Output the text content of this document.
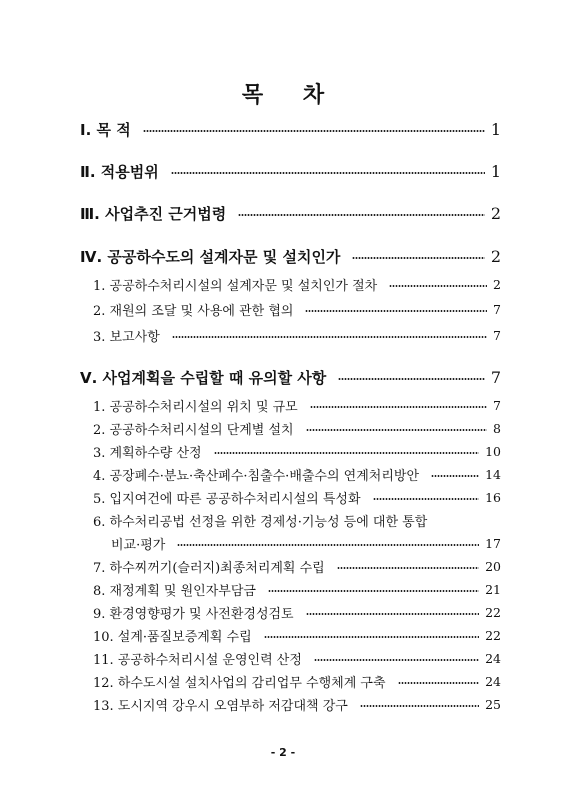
목 차
Ⅰ. 목 적	1
Ⅱ. 적용범위	1
Ⅲ. 사업추진 근거법령	2
Ⅳ. 공공하수도의 설계자문 및 설치인가	2
1. 공공하수처리시설의 설계자문 및 설치인가 절차	2
2. 재원의 조달 및 사용에 관한 협의	7
3. 보고사항	7
Ⅴ. 사업계획을 수립할 때 유의할 사항	7
1. 공공하수처리시설의 위치 및 규모	7
2. 공공하수처리시설의 단계별 설치	8
3. 계획하수량 산정	10
4. 공장폐수·분뇨·축산폐수·침출수·배출수의 연계처리방안	14
5. 입지여건에 따른 공공하수처리시설의 특성화	16
6. 하수처리공법 선정을 위한 경제성·기능성 등에 대한 통합
비교·평가	17
7. 하수찌꺼기(슬러지)최종처리계획 수립	20
8. 재정계획 및 원인자부담금	21
9. 환경영향평가 및 사전환경성검토	22
10. 설계·품질보증계획 수립	22
11. 공공하수처리시설 운영인력 산정	24
12. 하수도시설 설치사업의 감리업무 수행체계 구축	24
13. 도시지역 강우시 오염부하 저감대책 강구	25
- 2 -
